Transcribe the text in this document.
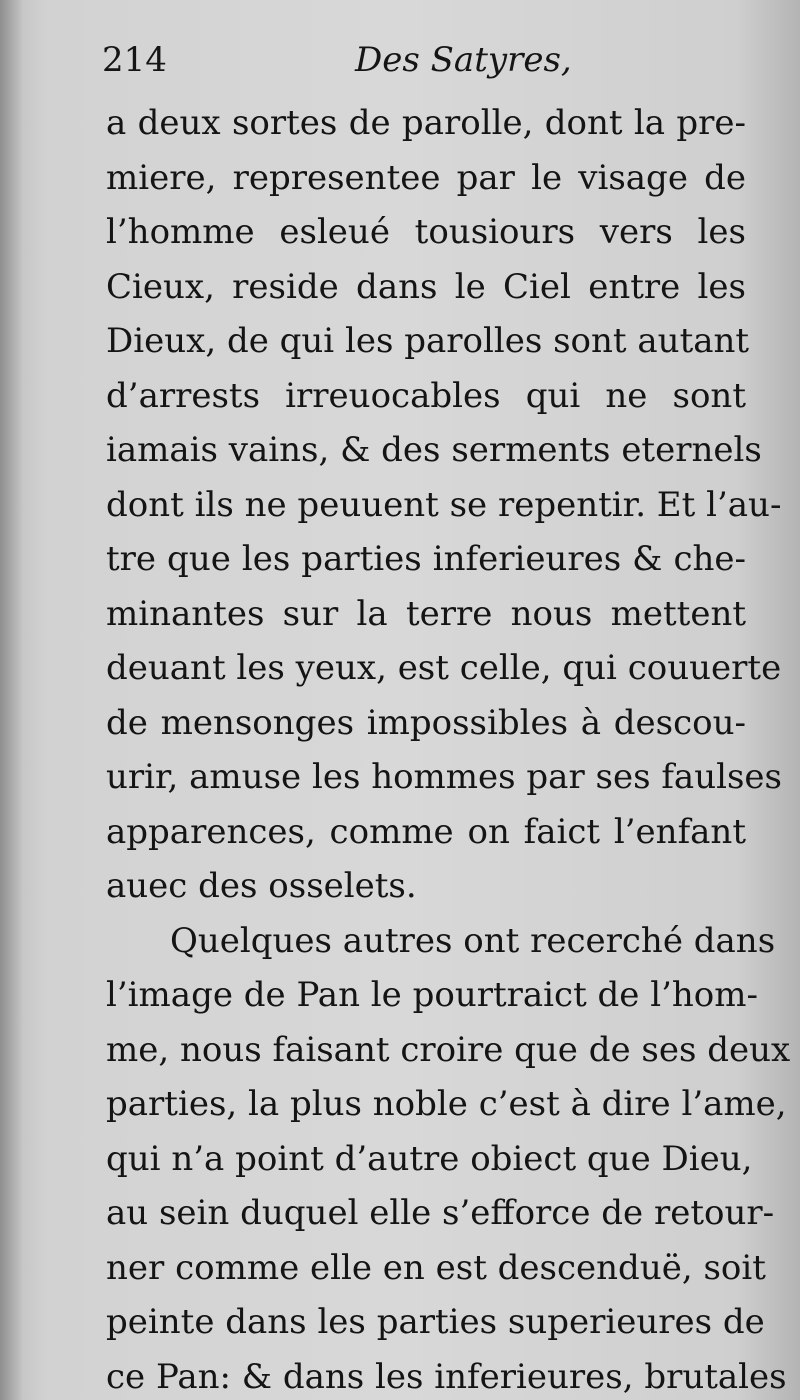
214	Des Satyres,
a deux sortes de parolle, dont la pre-
miere, representee par le visage de
l’homme esleué tousiours vers les
Cieux, reside dans le Ciel entre les
Dieux, de qui les parolles sont autant
d’arrests irreuocables qui ne sont
iamais vains, & des serments eternels
dont ils ne peuuent se repentir. Et l’au-
tre que les parties inferieures & che-
minantes sur la terre nous mettent
deuant les yeux, est celle, qui couuerte
de mensonges impossibles à descou-
urir, amuse les hommes par ses faulses
apparences, comme on faict l’enfant
auec des osselets.
Quelques autres ont recerché dans
l’image de Pan le pourtraict de l’hom-
me, nous faisant croire que de ses deux
parties, la plus noble c’est à dire l’ame,
qui n’a point d’autre obiect que Dieu,
au sein duquel elle s’efforce de retour-
ner comme elle en est descenduë, soit
peinte dans les parties superieures de
ce Pan: & dans les inferieures, brutales
